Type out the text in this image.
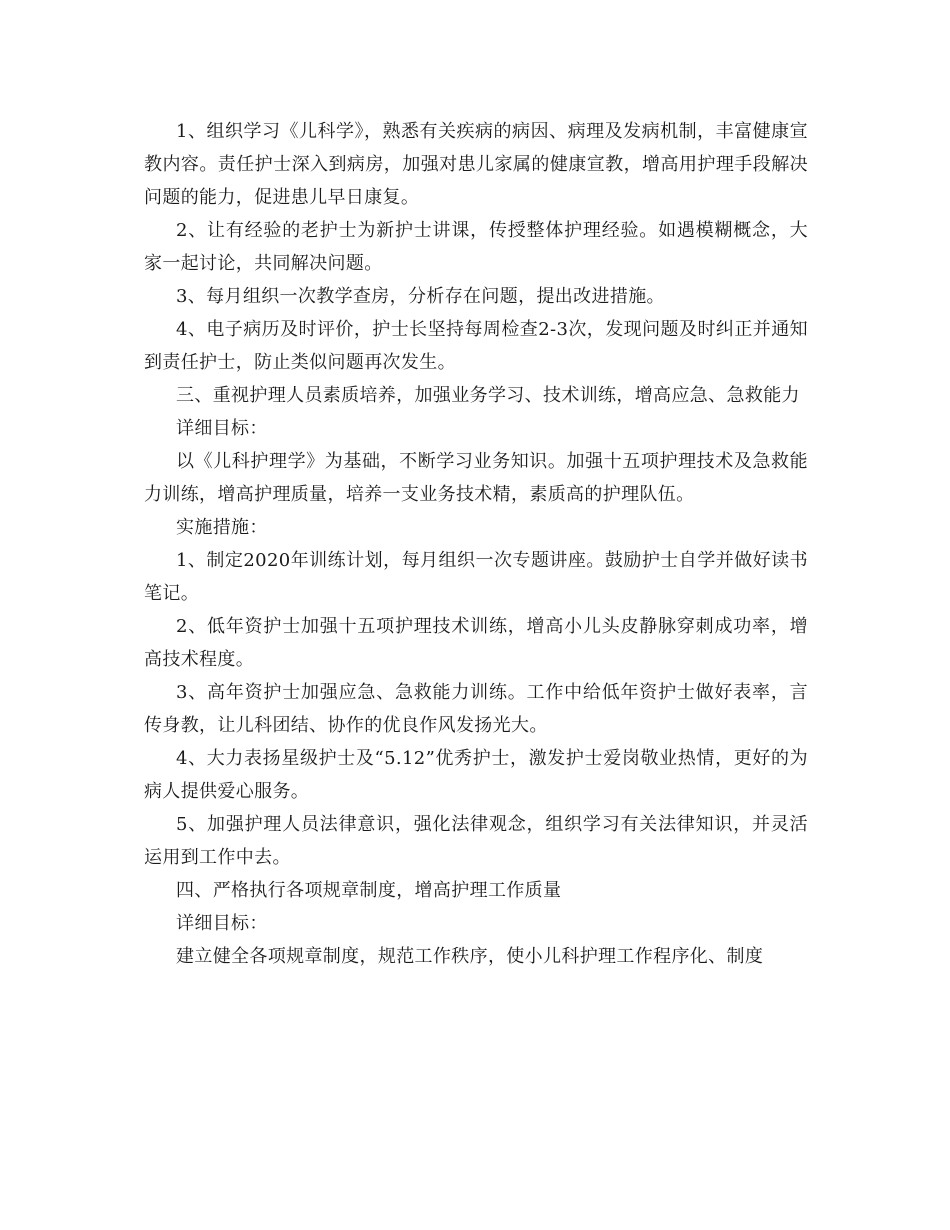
1、组织学习《儿科学》，熟悉有关疾病的病因、病理及发病机制，丰富健康宣教内容。责任护士深入到病房，加强对患儿家属的健康宣教，增高用护理手段解决问题的能力，促进患儿早日康复。

2、让有经验的老护士为新护士讲课，传授整体护理经验。如遇模糊概念，大家一起讨论，共同解决问题。

3、每月组织一次教学查房，分析存在问题，提出改进措施。

4、电子病历及时评价，护士长坚持每周检查2-3次，发现问题及时纠正并通知到责任护士，防止类似问题再次发生。

三、重视护理人员素质培养，加强业务学习、技术训练，增高应急、急救能力

详细目标：

以《儿科护理学》为基础，不断学习业务知识。加强十五项护理技术及急救能力训练，增高护理质量，培养一支业务技术精，素质高的护理队伍。

实施措施：

1、制定2020年训练计划，每月组织一次专题讲座。鼓励护士自学并做好读书笔记。

2、低年资护士加强十五项护理技术训练，增高小儿头皮静脉穿刺成功率，增高技术程度。

3、高年资护士加强应急、急救能力训练。工作中给低年资护士做好表率，言传身教，让儿科团结、协作的优良作风发扬光大。

4、大力表扬星级护士及“5.12”优秀护士，激发护士爱岗敬业热情，更好的为病人提供爱心服务。

5、加强护理人员法律意识，强化法律观念，组织学习有关法律知识，并灵活运用到工作中去。

四、严格执行各项规章制度，增高护理工作质量

详细目标：

建立健全各项规章制度，规范工作秩序，使小儿科护理工作程序化、制度
